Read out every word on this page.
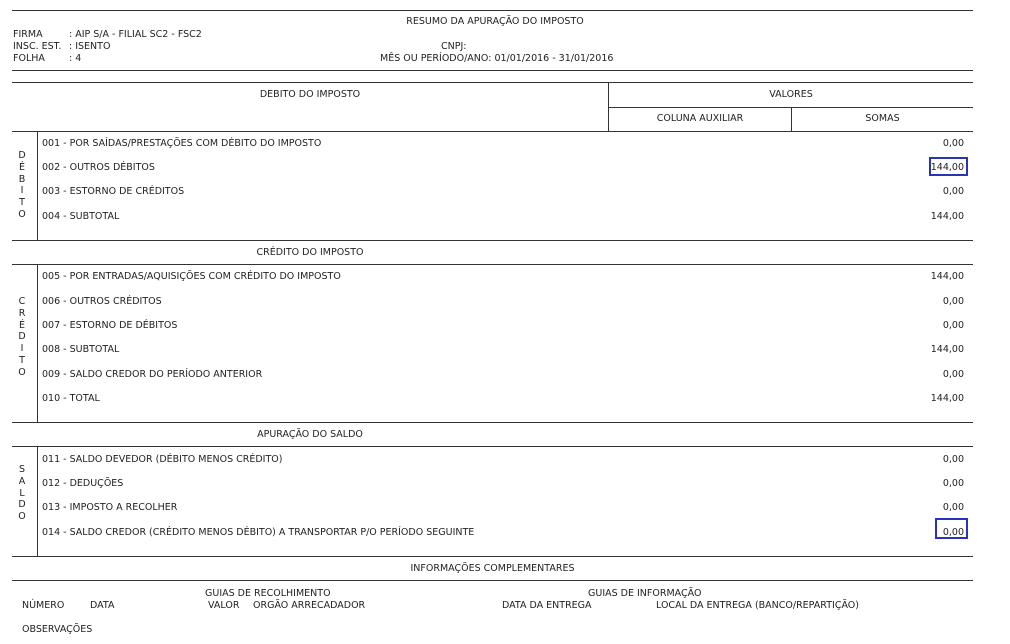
RESUMO DA APURAÇÃO DO IMPOSTO
FIRMA	: AIP S/A - FILIAL SC2 - FSC2
INSC. EST. : ISENTO
FOLHA	: 4
CNPJ:
MÊS OU PERÍODO/ANO: 01/01/2016 - 31/01/2016
DEBITO DO IMPOSTO	VALORES
COLUNA AUXILIAR	SOMAS
D
É
B
I
T
O
001 - POR SAÍDAS/PRESTAÇÕES COM DÉBITO DO IMPOSTO	0,00
002 - OUTROS DÉBITOS	144,00
003 - ESTORNO DE CRÉDITOS	0,00
004 - SUBTOTAL	144,00
CRÉDITO DO IMPOSTO
C
R
É
D
I
T
O
005 - POR ENTRADAS/AQUISIÇÕES COM CRÉDITO DO IMPOSTO	144,00
006 - OUTROS CRÉDITOS	0,00
007 - ESTORNO DE DÉBITOS	0,00
008 - SUBTOTAL	144,00
009 - SALDO CREDOR DO PERÍODO ANTERIOR	0,00
010 - TOTAL	144,00
APURAÇÃO DO SALDO
S
A
L
D
O
011 - SALDO DEVEDOR (DÉBITO MENOS CRÉDITO)	0,00
012 - DEDUÇÕES	0,00
013 - IMPOSTO A RECOLHER	0,00
014 - SALDO CREDOR (CRÉDITO MENOS DÉBITO) A TRANSPORTAR P/O PERÍODO SEGUINTE	0,00
INFORMAÇÕES COMPLEMENTARES
GUIAS DE RECOLHIMENTO	GUIAS DE INFORMAÇÃO
NÚMERO	DATA	VALOR ORGÃO ARRECADADOR	DATA DA ENTREGA	LOCAL DA ENTREGA (BANCO/REPARTIÇÃO)
OBSERVAÇÕES
